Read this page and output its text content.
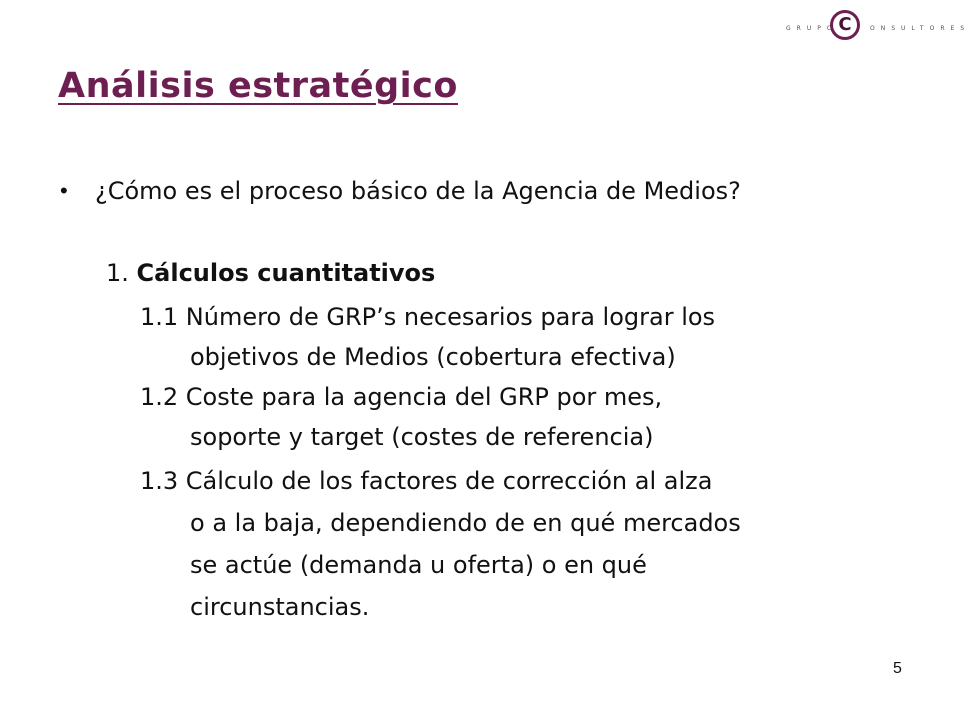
GRUPO C	ONSULTORES
Análisis estratégico
• ¿Cómo es el proceso básico de la Agencia de Medios?
1. Cálculos cuantitativos
1.1 Número de GRP’s necesarios para lograr los
objetivos de Medios (cobertura efectiva)
1.2 Coste para la agencia del GRP por mes,
soporte y target (costes de referencia)
1.3 Cálculo de los factores de corrección al alza
o a la baja, dependiendo de en qué mercados
se actúe (demanda u oferta) o en qué
circunstancias.
5
